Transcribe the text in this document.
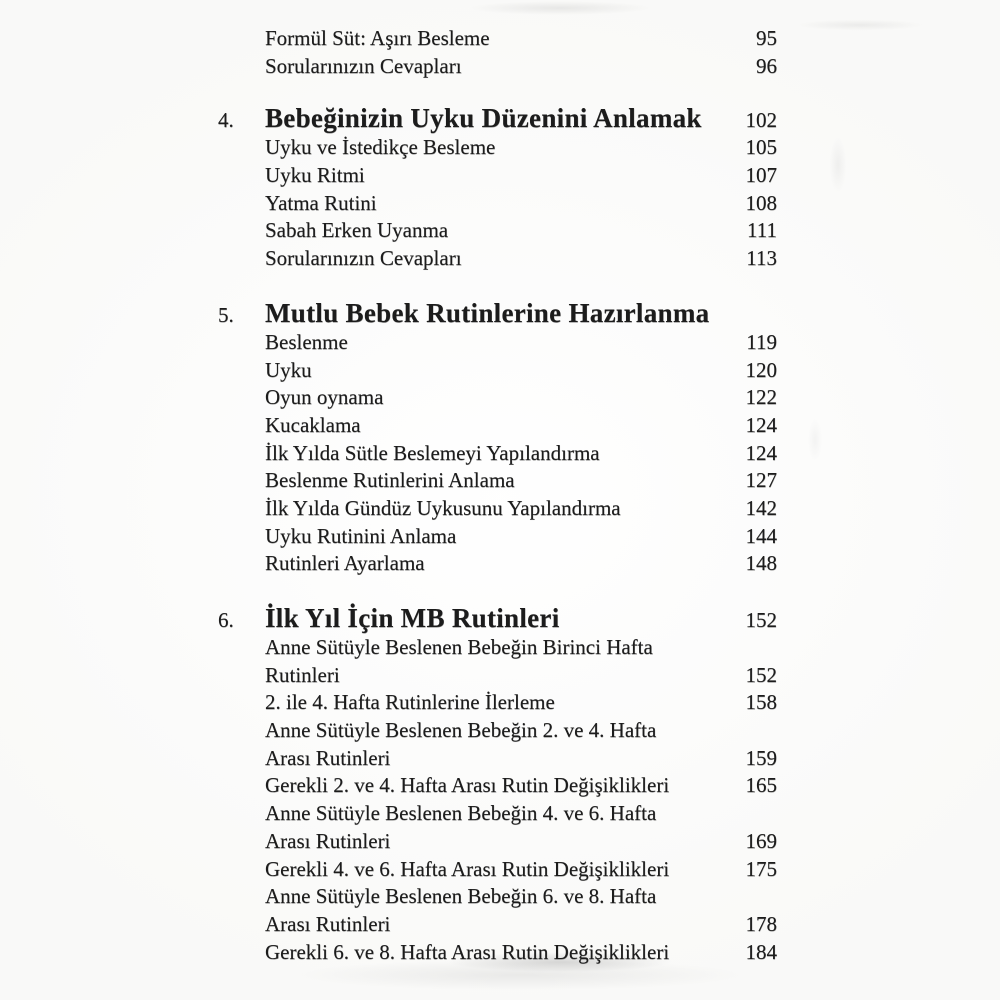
Formül Süt: Aşırı Besleme	95
Sorularınızın Cevapları	96
4.	Bebeğinizin Uyku Düzenini Anlamak	102
Uyku ve İstedikçe Besleme	105
Uyku Ritmi	107
Yatma Rutini	108
Sabah Erken Uyanma	111
Sorularınızın Cevapları	113
5.	Mutlu Bebek Rutinlerine Hazırlanma
Beslenme	119
Uyku	120
Oyun oynama	122
Kucaklama	124
İlk Yılda Sütle Beslemeyi Yapılandırma	124
Beslenme Rutinlerini Anlama	127
İlk Yılda Gündüz Uykusunu Yapılandırma	142
Uyku Rutinini Anlama	144
Rutinleri Ayarlama	148
6.	İlk Yıl İçin MB Rutinleri	152
Anne Sütüyle Beslenen Bebeğin Birinci Hafta
Rutinleri	152
2. ile 4. Hafta Rutinlerine İlerleme	158
Anne Sütüyle Beslenen Bebeğin 2. ve 4. Hafta
Arası Rutinleri	159
Gerekli 2. ve 4. Hafta Arası Rutin Değişiklikleri	165
Anne Sütüyle Beslenen Bebeğin 4. ve 6. Hafta
Arası Rutinleri	169
Gerekli 4. ve 6. Hafta Arası Rutin Değişiklikleri	175
Anne Sütüyle Beslenen Bebeğin 6. ve 8. Hafta
Arası Rutinleri	178
Gerekli 6. ve 8. Hafta Arası Rutin Değişiklikleri	184
